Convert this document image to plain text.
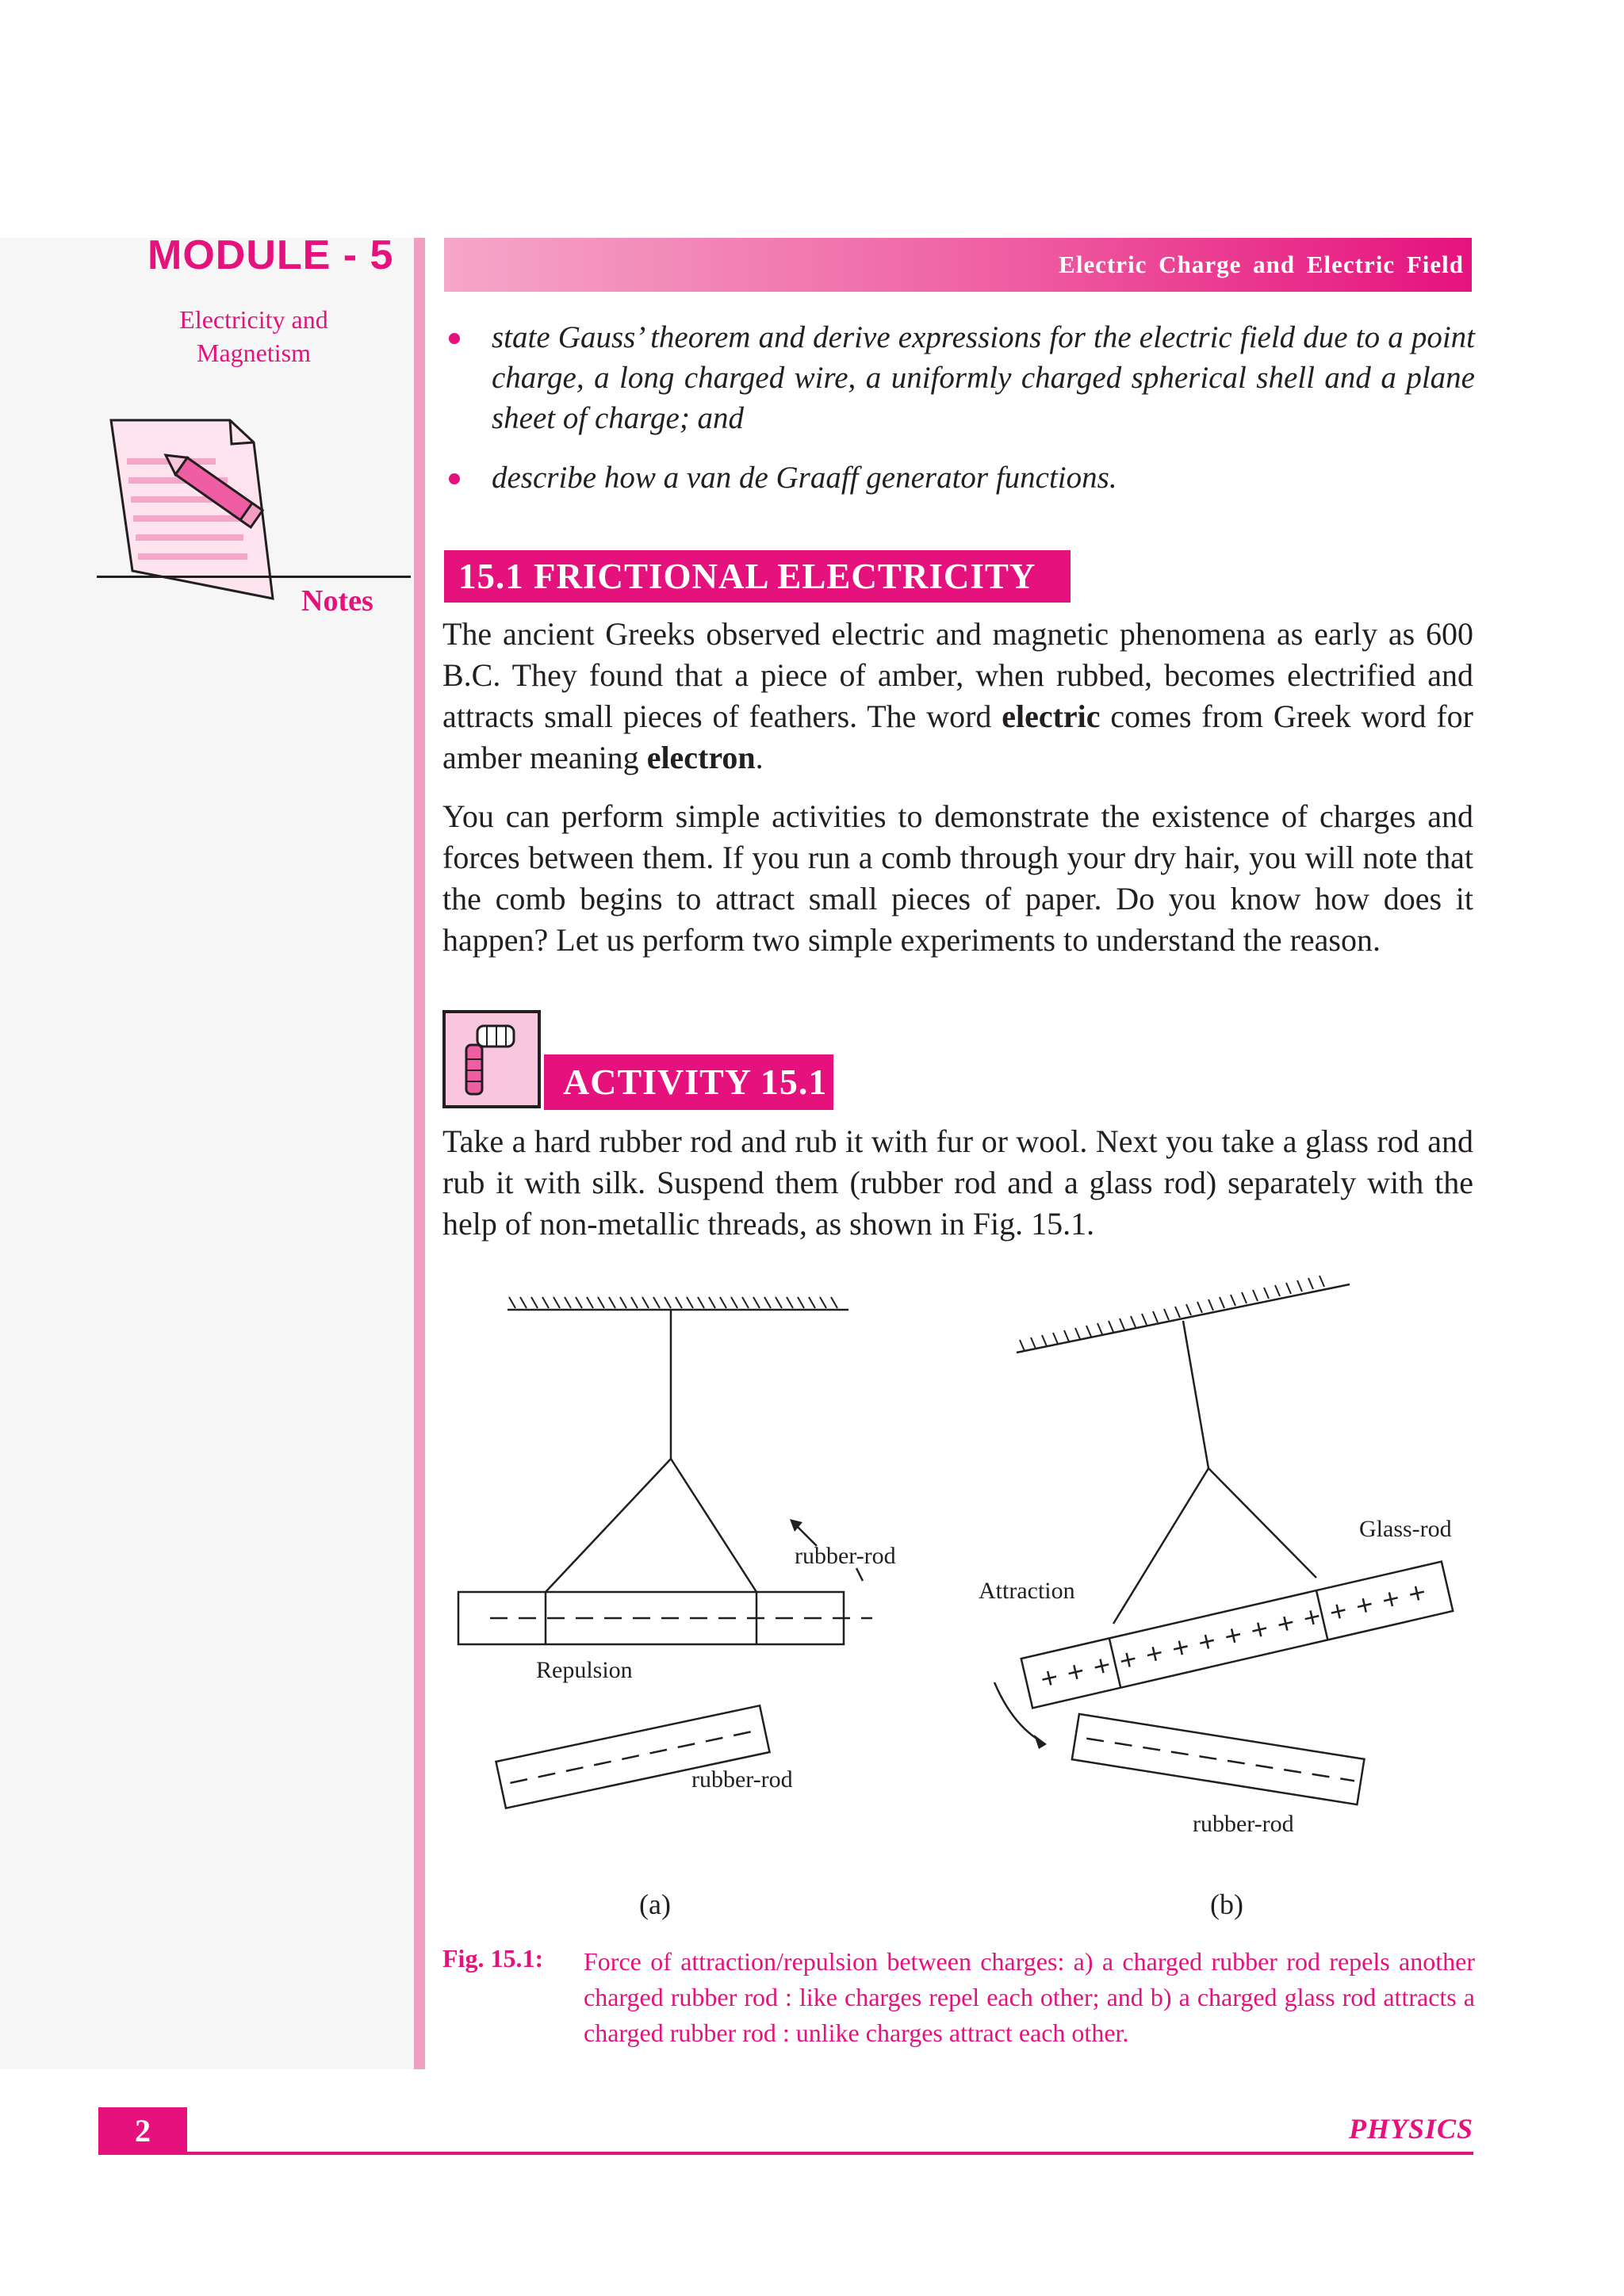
MODULE - 5
Electricity and
Magnetism
Notes
Electric Charge and Electric Field
state Gauss’ theorem and derive expressions for the electric field due to a point charge, a long charged wire, a uniformly charged spherical shell and a plane sheet of charge; and
describe how a van de Graaff generator functions.
15.1 FRICTIONAL ELECTRICITY

The ancient Greeks observed electric and magnetic phenomena as early as 600 B.C. They found that a piece of amber, when rubbed, becomes electrified and attracts small pieces of feathers. The word electric comes from Greek word for amber meaning electron.

You can perform simple activities to demonstrate the existence of charges and forces between them. If you run a comb through your dry hair, you will note that the comb begins to attract small pieces of paper. Do you know how does it happen? Let us perform two simple experiments to understand the reason.

ACTIVITY 15.1

Take a hard rubber rod and rub it with fur or wool. Next you take a glass rod and rub it with silk. Suspend them (rubber rod and a glass rod) separately with the help of non-metallic threads, as shown in Fig. 15.1.

rubber-rod
Repulsion
rubber-rod
(a)
Glass-rod
Attraction
rubber-rod
(b)
Fig. 15.1: Force of attraction/repulsion between charges: a) a charged rubber rod repels another charged rubber rod : like charges repel each other; and b) a charged glass rod attracts a charged rubber rod : unlike charges attract each other.

2	PHYSICS
